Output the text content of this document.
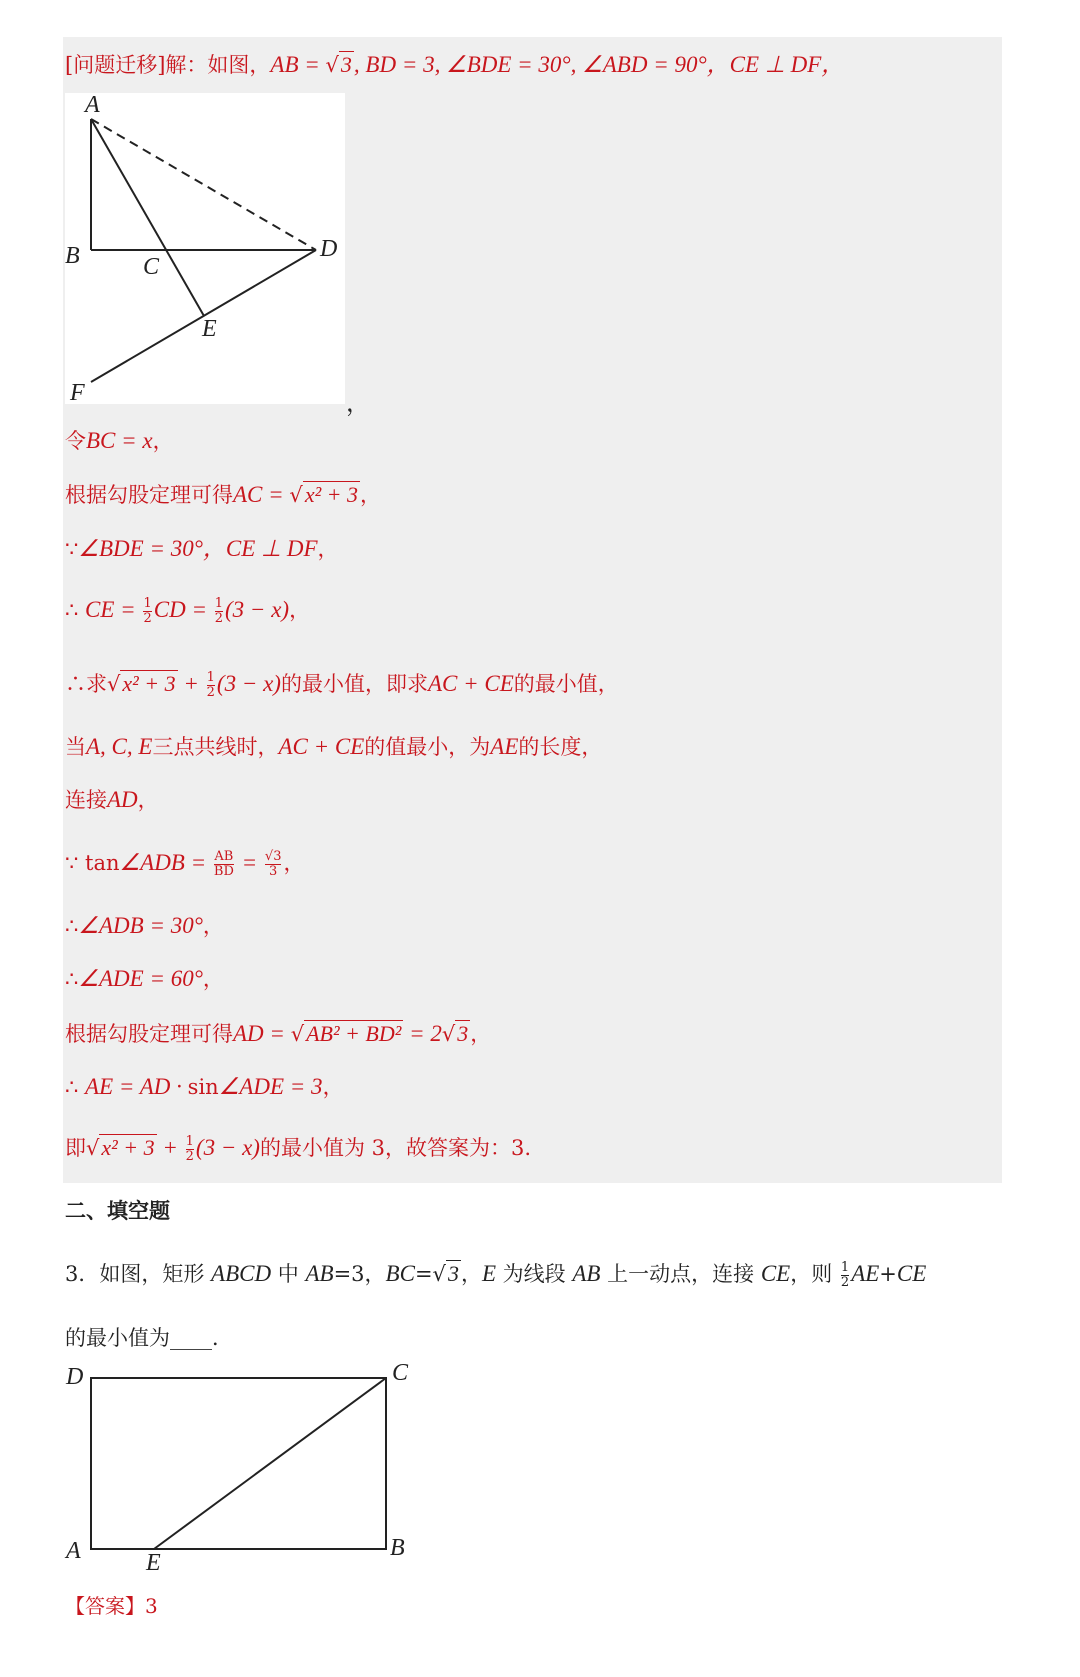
A
B	C
D
E
F	，
[问题迁移]解：如图，AB = √3, BD = 3, ∠BDE = 30°, ∠ABD = 90°，CE ⊥ DF，
令BC = x，
根据勾股定理可得AC = √x² + 3，
∵∠BDE = 30°，CE ⊥ DF，
∴ CE = $\frac{1}{2}$ CD = $\frac{1}{2} (3 - x)$，
∴求$√x^2 + 3 + \frac{1}{2} (3 - x)$的最小值，即求AC + CE的最小值，
当A, C, E三点共线时，AC + CE的值最小，为AE的长度，
连接AD，
∵ tan∠ADB = $\frac{AB}{BD} = \frac{√3}{3}$ ，
∴∠ADB = 30°，
∴∠ADE = 60°，
根据勾股定理可得AD = √AB² + BD² = 2√3，
∴ AE = AD · sin∠ADE = 3，
即$√x^2 + 3 + \frac{1}{2} (3 - x)$的最小值为 3，故答案为：3.
二、填空题
3．如图，矩形 ABCD 中 AB=3，BC=√3，E 为线段 AB 上一动点，连接 CE，则 $\frac{1}{2} AE+CE$
的最小值为____．
D	C
A	B
E
【答案】3
